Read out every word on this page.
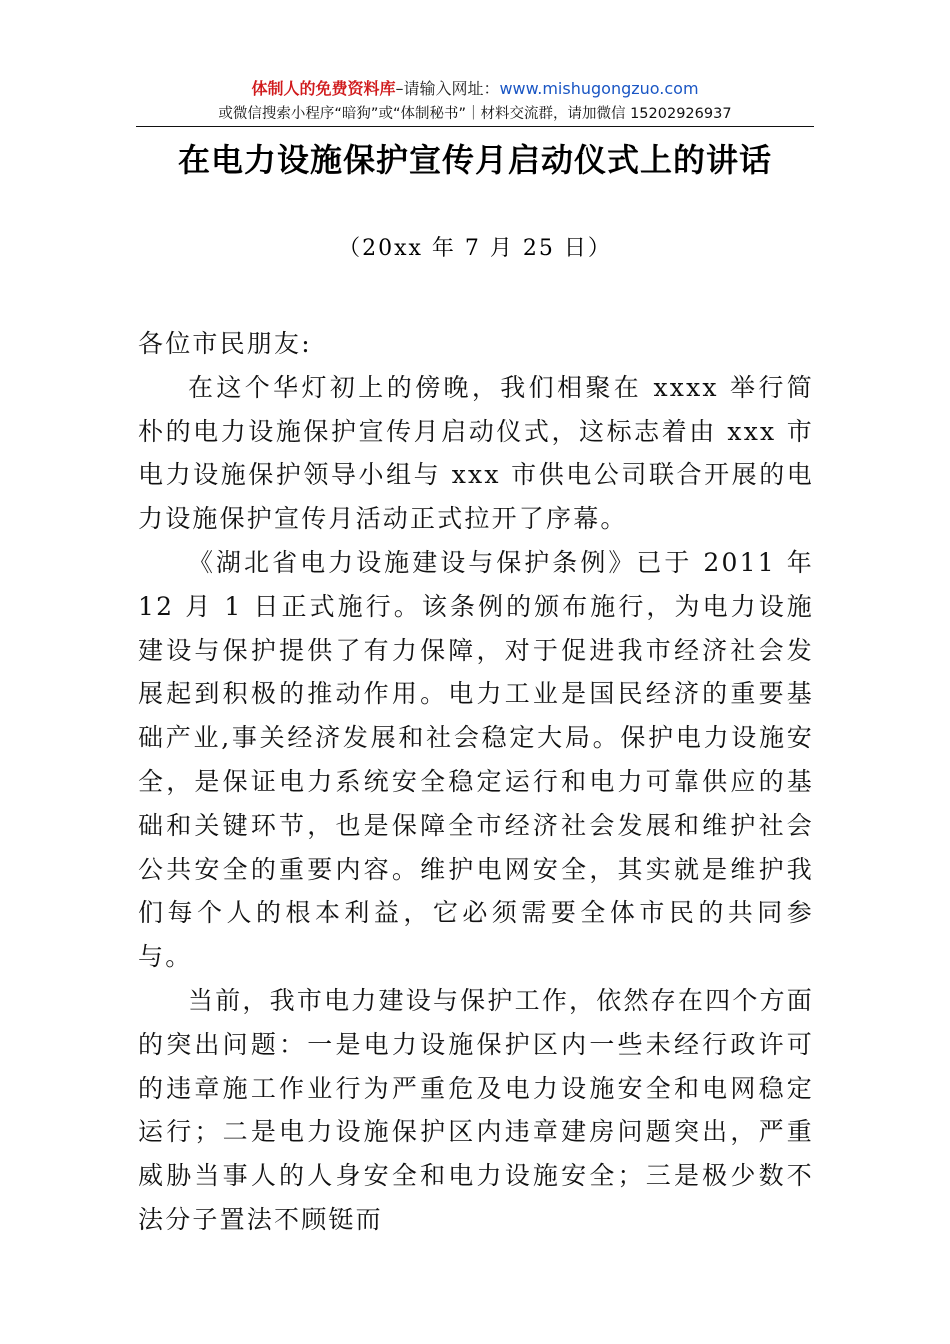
体制人的免费资料库–请输入网址：www.mishugongzuo.com
或微信搜索小程序“暗狗”或“体制秘书”｜材料交流群，请加微信 15202926937
在电力设施保护宣传月启动仪式上的讲话
（20xx 年 7 月 25 日）

各位市民朋友:

在这个华灯初上的傍晚，我们相聚在 xxxx 举行简朴的电力设施保护宣传月启动仪式，这标志着由 xxx 市电力设施保护领导小组与 xxx 市供电公司联合开展的电力设施保护宣传月活动正式拉开了序幕。

《湖北省电力设施建设与保护条例》已于 2011 年 12 月 1 日正式施行。该条例的颁布施行，为电力设施建设与保护提供了有力保障，对于促进我市经济社会发展起到积极的推动作用。电力工业是国民经济的重要基础产业,事关经济发展和社会稳定大局。保护电力设施安全，是保证电力系统安全稳定运行和电力可靠供应的基础和关键环节，也是保障全市经济社会发展和维护社会公共安全的重要内容。维护电网安全，其实就是维护我们每个人的根本利益，它必须需要全体市民的共同参与。

当前，我市电力建设与保护工作，依然存在四个方面的突出问题：一是电力设施保护区内一些未经行政许可的违章施工作业行为严重危及电力设施安全和电网稳定运行；二是电力设施保护区内违章建房问题突出，严重威胁当事人的人身安全和电力设施安全；三是极少数不法分子置法不顾铤而
